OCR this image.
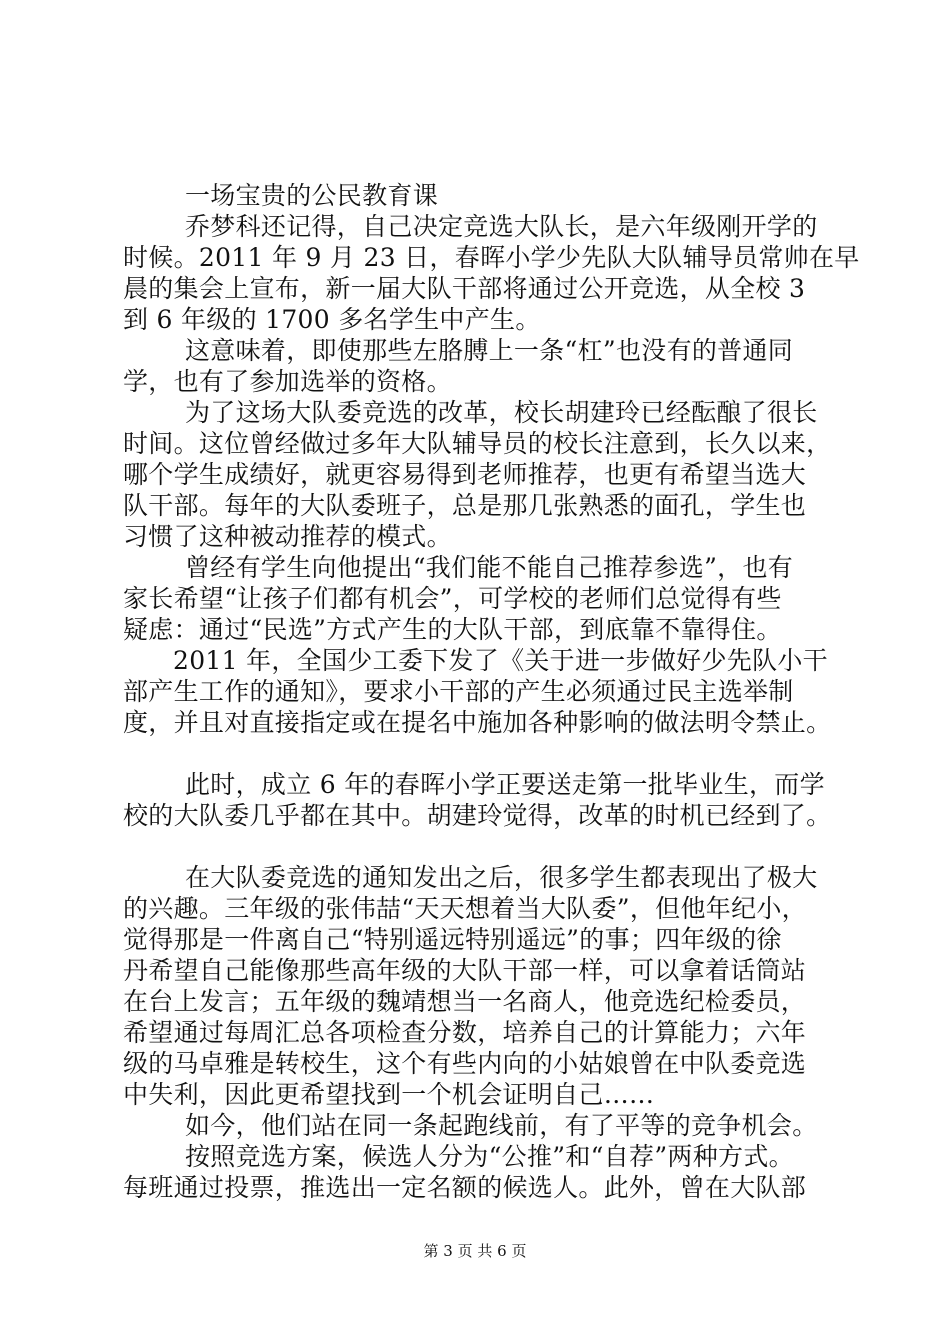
一场宝贵的公民教育课
乔梦科还记得，自己决定竞选大队长，是六年级刚开学的
时候。2011 年 9 月 23 日，春晖小学少先队大队辅导员常帅在早
晨的集会上宣布，新一届大队干部将通过公开竞选，从全校 3
到 6 年级的 1700 多名学生中产生。
这意味着，即使那些左胳膊上一条“杠”也没有的普通同
学，也有了参加选举的资格。
为了这场大队委竞选的改革，校长胡建玲已经酝酿了很长
时间。这位曾经做过多年大队辅导员的校长注意到，长久以来，
哪个学生成绩好，就更容易得到老师推荐，也更有希望当选大
队干部。每年的大队委班子，总是那几张熟悉的面孔，学生也
习惯了这种被动推荐的模式。
曾经有学生向他提出“我们能不能自己推荐参选”，也有
家长希望“让孩子们都有机会”，可学校的老师们总觉得有些
疑虑：通过“民选”方式产生的大队干部，到底靠不靠得住。
2011 年，全国少工委下发了《关于进一步做好少先队小干
部产生工作的通知》，要求小干部的产生必须通过民主选举制
度，并且对直接指定或在提名中施加各种影响的做法明令禁止。
此时，成立 6 年的春晖小学正要送走第一批毕业生，而学
校的大队委几乎都在其中。胡建玲觉得，改革的时机已经到了。
在大队委竞选的通知发出之后，很多学生都表现出了极大
的兴趣。三年级的张伟喆“天天想着当大队委”，但他年纪小，
觉得那是一件离自己“特别遥远特别遥远”的事；四年级的徐
丹希望自己能像那些高年级的大队干部一样，可以拿着话筒站
在台上发言；五年级的魏靖想当一名商人，他竞选纪检委员，
希望通过每周汇总各项检查分数，培养自己的计算能力；六年
级的马卓雅是转校生，这个有些内向的小姑娘曾在中队委竞选
中失利，因此更希望找到一个机会证明自己……
如今，他们站在同一条起跑线前，有了平等的竞争机会。
按照竞选方案，候选人分为“公推”和“自荐”两种方式。
每班通过投票，推选出一定名额的候选人。此外，曾在大队部
第 3 页 共 6 页
